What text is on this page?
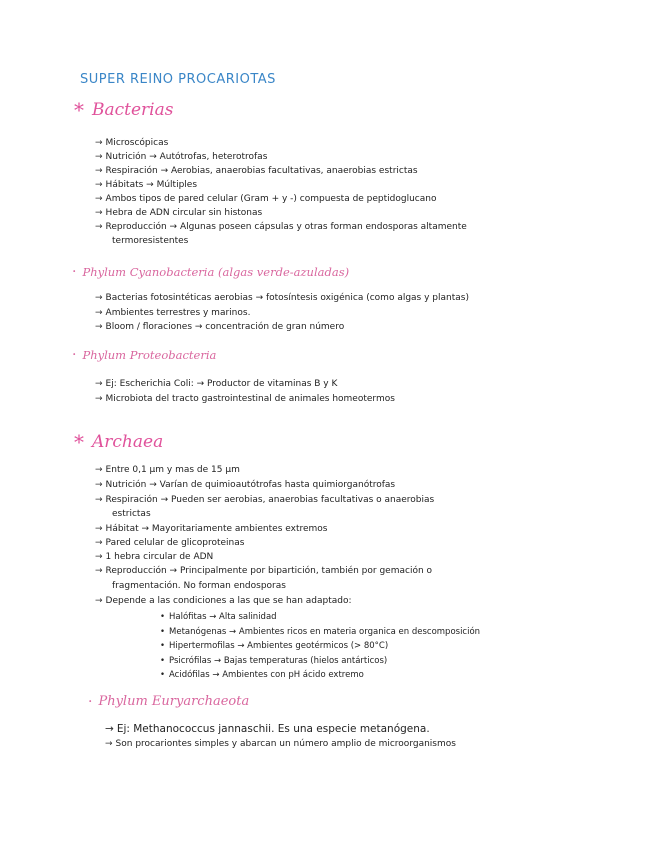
SUPER REINO PROCARIOTAS
* Bacterias
→ Microscópicas
→ Nutrición → Autótrofas, heterotrofas
→ Respiración → Aerobias, anaerobias facultativas, anaerobias estrictas
→ Hábitats → Múltiples
→ Ambos tipos de pared celular (Gram + y -) compuesta de peptidoglucano
→ Hebra de ADN circular sin histonas
→ Reproducción → Algunas poseen cápsulas y otras forman endosporas altamente
termoresistentes
· Phylum Cyanobacteria (algas verde-azuladas)
→ Bacterias fotosintéticas aerobias → fotosíntesis oxigénica (como algas y plantas)
→ Ambientes terrestres y marinos.
→ Bloom / floraciones → concentración de gran número
· Phylum Proteobacteria
→ Ej: Escherichia Coli: → Productor de vitaminas B y K
→ Microbiota del tracto gastrointestinal de animales homeotermos
* Archaea
→ Entre 0,1 μm y mas de 15 μm
→ Nutrición → Varían de quimioautótrofas hasta quimiorganótrofas
→ Respiración → Pueden ser aerobias, anaerobias facultativas o anaerobias
estrictas
→ Hábitat → Mayoritariamente ambientes extremos
→ Pared celular de glicoproteinas
→ 1 hebra circular de ADN
→ Reproducción → Principalmente por bipartición, también por gemación o
fragmentación. No forman endosporas
→ Depende a las condiciones a las que se han adaptado:
• Halófitas → Alta salinidad
• Metanógenas → Ambientes ricos en materia organica en descomposición
• Hipertermofilas → Ambientes geotérmicos (> 80°C)
• Psicrófilas → Bajas temperaturas (hielos antárticos)
• Acidófilas → Ambientes con pH ácido extremo
· Phylum Euryarchaeota
→ Ej: Methanococcus jannaschii. Es una especie metanógena.
→ Son procariontes simples y abarcan un número amplio de microorganismos
